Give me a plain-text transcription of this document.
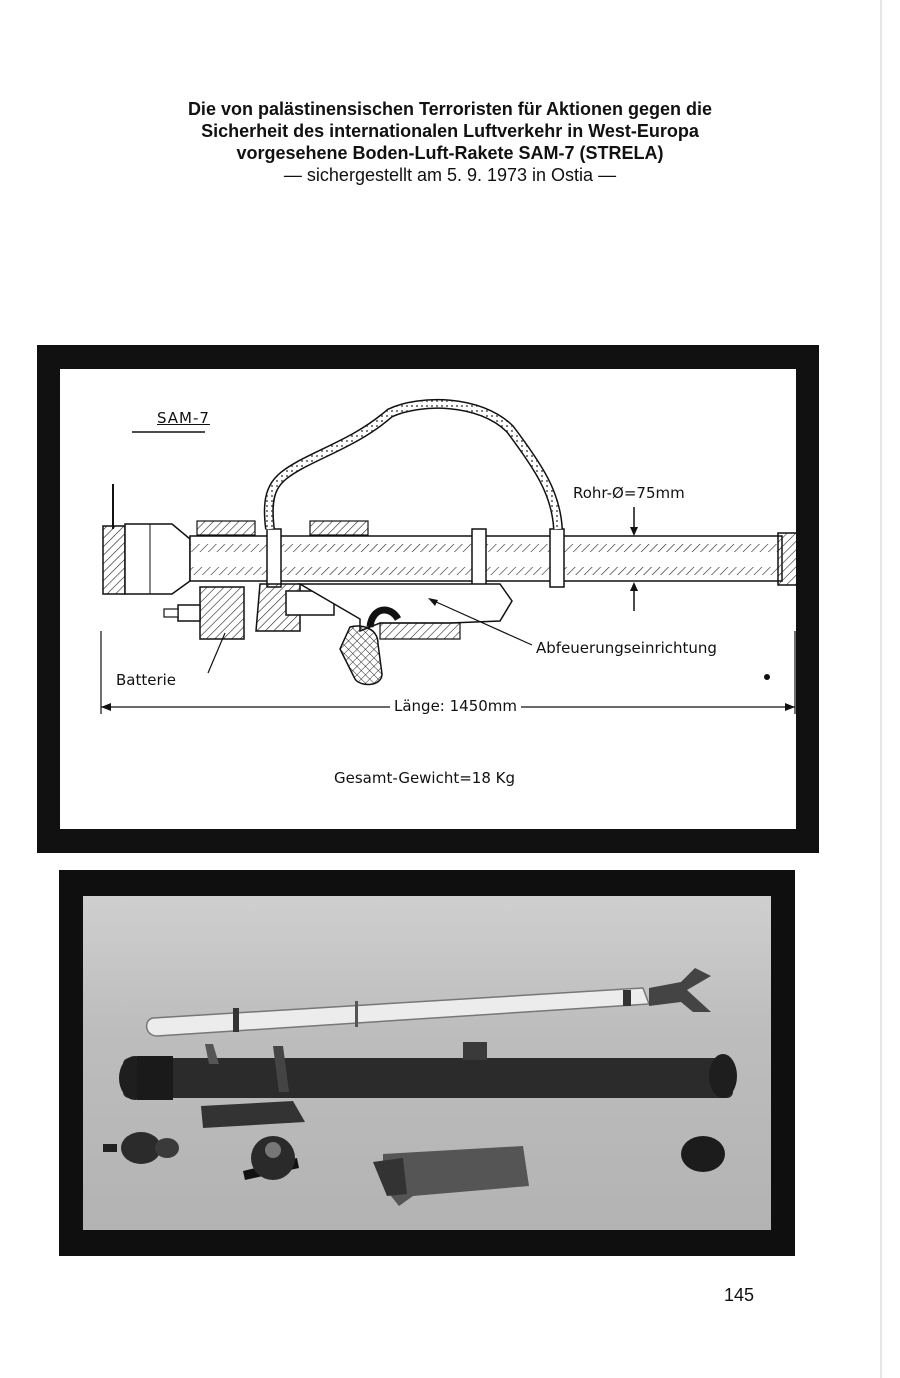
Die von palästinensischen Terroristen für Aktionen gegen die
Sicherheit des internationalen Luftverkehr in West-Europa
vorgesehene Boden-Luft-Rakete SAM-7 (STRELA)
— sichergestellt am 5. 9. 1973 in Ostia —
SAM-7
Rohr-Ø=75mm
Abfeuerungseinrichtung
Batterie
Länge: 1450mm
Gesamt-Gewicht=18 Kg
145
